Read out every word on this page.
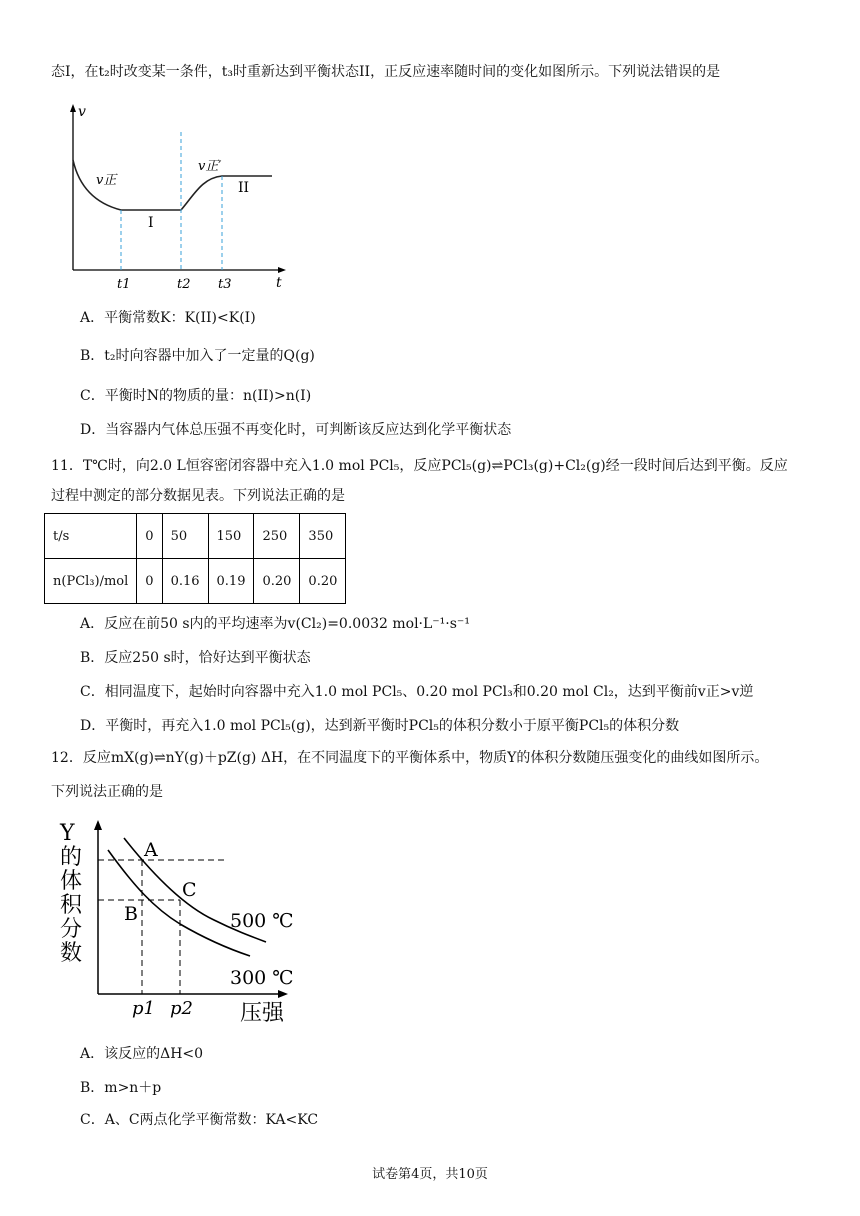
态I，在t₂时改变某一条件，t₃时重新达到平衡状态II，正反应速率随时间的变化如图所示。下列说法错误的是
v
t
v正
v正′
I
II
t1	t2 t3
A．平衡常数K：K(II)<K(I)
B．t₂时向容器中加入了一定量的Q(g)
C．平衡时N的物质的量：n(II)>n(I)
D．当容器内气体总压强不再变化时，可判断该反应达到化学平衡状态
11．T℃时，向2.0 L恒容密闭容器中充入1.0 mol PCl₅，反应PCl₅(g)⇌PCl₃(g)+Cl₂(g)经一段时间后达到平衡。反应
过程中测定的部分数据见表。下列说法正确的是
t/s	0	50	150	250	350
n(PCl₃)/mol	0	0.16	0.19	0.20	0.20
A．反应在前50 s内的平均速率为v(Cl₂)=0.0032 mol·L⁻¹·s⁻¹
B．反应250 s时，恰好达到平衡状态
C．相同温度下，起始时向容器中充入1.0 mol PCl₅、0.20 mol PCl₃和0.20 mol Cl₂，达到平衡前v正>v逆
D．平衡时，再充入1.0 mol PCl₅(g)，达到新平衡时PCl₅的体积分数小于原平衡PCl₅的体积分数
12．反应mX(g)⇌nY(g)＋pZ(g) ΔH，在不同温度下的平衡体系中，物质Y的体积分数随压强变化的曲线如图所示。
下列说法正确的是
Y
的
体
积
分
数
A
B
C
500 ℃
300 ℃
p1 p2 压强
A．该反应的ΔH<0
B．m>n＋p
C．A、C两点化学平衡常数：KA<KC
试卷第4页，共10页
